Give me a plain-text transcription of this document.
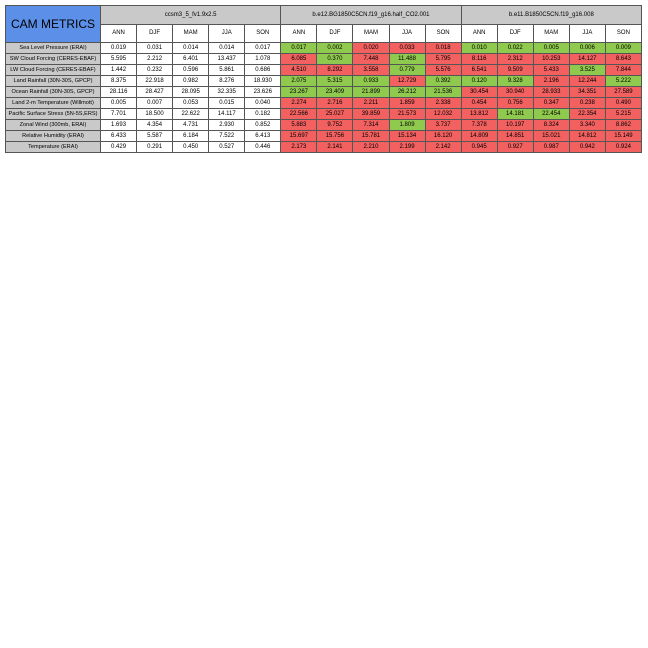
CAM METRICS	ccsm3_5_fv1.9x2.5					b.e12.BG1850C5CN.f19_g16.half_CO2.001					b.e11.B1850C5CN.f19_g16.008				
	ANN	DJF	MAM	JJA	SON	ANN	DJF	MAM	JJA	SON	ANN	DJF	MAM	JJA	SON
Sea Level Pressure (ERAI)	0.019	0.031	0.014	0.014	0.017	0.017	0.002	0.020	0.033	0.018	0.010	0.022	0.005	0.006	0.009
SW Cloud Forcing (CERES-EBAF)	5.595	2.212	6.401	13.437	1.078	6.085	0.370	7.448	11.488	5.795	8.116	2.312	10.253	14.127	8.643
LW Cloud Forcing (CERES-EBAF)	1.442	0.232	0.596	5.861	0.686	4.510	8.292	3.558	0.779	5.576	6.541	9.509	5.433	3.525	7.844
Land Rainfall (30N-30S, GPCP)	8.375	22.918	0.982	8.276	18.930	2.075	5.315	0.933	12.729	0.392	0.120	9.328	2.196	12.244	5.222
Ocean Rainfall (30N-30S, GPCP)	28.116	28.427	28.095	32.335	23.626	23.267	23.409	21.899	26.212	21.536	30.454	30.940	28.933	34.351	27.589
Land 2-m Temperature (Willmott)	0.005	0.007	0.053	0.015	0.040	2.274	2.716	2.211	1.859	2.338	0.454	0.756	0.347	0.238	0.490
Pacific Surface Stress (5N-5S,ERS)	7.701	18.500	22.622	14.117	0.182	22.566	25.027	39.859	21.573	12.032	13.812	14.181	22.454	22.354	5.215
Zonal Wind (300mb, ERAI)	1.693	4.354	4.731	2.930	0.852	5.883	9.752	7.314	1.809	3.737	7.378	10.197	8.324	3.340	8.862
Relative Humidity (ERAI)	6.433	5.587	6.184	7.522	6.413	15.697	15.756	15.781	15.134	16.120	14.809	14.851	15.021	14.812	15.149
Temperature (ERAI)	0.429	0.291	0.450	0.527	0.446	2.173	2.141	2.210	2.199	2.142	0.945	0.927	0.987	0.942	0.924
